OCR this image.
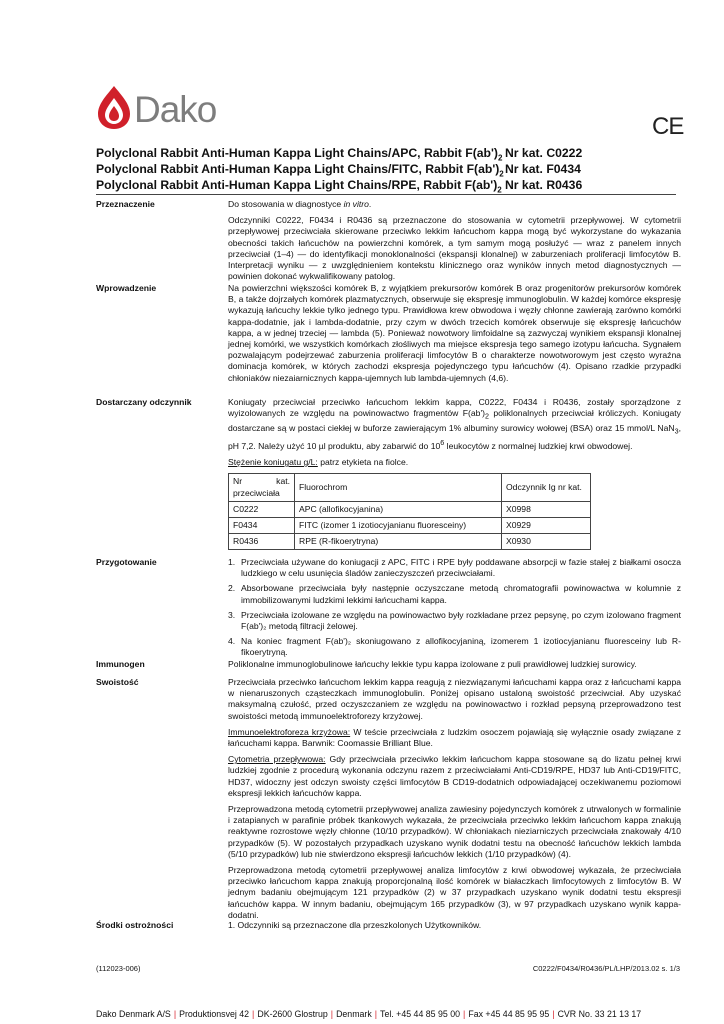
Dako	CE
Polyclonal Rabbit Anti-Human Kappa Light Chains/APC, Rabbit $F(ab')_2$ Nr kat. C0222
Polyclonal Rabbit Anti-Human Kappa Light Chains/FITC, Rabbit $F(ab')_2$ Nr kat. F0434
Polyclonal Rabbit Anti-Human Kappa Light Chains/RPE, Rabbit $F(ab')_2$ Nr kat. R0436
Przeznaczenie	Do stosowania w diagnostyce in vitro.

Odczynniki C0222, F0434 i R0436 są przeznaczone do stosowania w cytometrii przepływowej. W cytometrii przepływowej przeciwciała skierowane przeciwko lekkim łańcuchom kappa mogą być wykorzystane do wykazania obecności takich łańcuchów na powierzchni komórek, a tym samym mogą posłużyć — wraz z panelem innych przeciwciał (1–4) — do identyfikacji monoklonalności (ekspansji klonalnej) w zaburzeniach proliferacji limfocytów B. Interpretacji wyniku — z uwzględnieniem kontekstu klinicznego oraz wyników innych metod diagnostycznych — powinien dokonać wykwalifikowany patolog.

Wprowadzenie	Na powierzchni większości komórek B, z wyjątkiem prekursorów komórek B oraz progenitorów prekursorów komórek B, a także dojrzałych komórek plazmatycznych, obserwuje się ekspresję immunoglobulin. W każdej komórce ekspresję wykazują łańcuchy lekkie tylko jednego typu. Prawidłowa krew obwodowa i węzły chłonne zawierają zarówno komórki kappa-dodatnie, jak i lambda-dodatnie, przy czym w dwóch trzecich komórek obserwuje się ekspresję łańcuchów kappa, a w jednej trzeciej — lambda (5). Ponieważ nowotwory limfoidalne są zazwyczaj wynikiem ekspansji klonalnej jednej komórki, we wszystkich komórkach złośliwych ma miejsce ekspresja tego samego izotypu łańcucha. Sygnałem pozwalającym podejrzewać zaburzenia proliferacji limfocytów B o charakterze nowotworowym jest często wyraźna dominacja komórek, w których zachodzi ekspresja pojedynczego typu łańcuchów (4). Opisano rzadkie przypadki chłoniaków niezaiarnicznych kappa-ujemnych lub lambda-ujemnych (4,6).

Dostarczany odczynnik	Koniugaty przeciwciał przeciwko łańcuchom lekkim kappa, C0222, F0434 i R0436, zostały sporządzone z wyizolowanych ze względu na powinowactwo fragmentów $F(ab')_2$ poliklonalnych przeciwciał króliczych. Koniugaty dostarczane są w postaci ciekłej w buforze zawierającym 1% albuminy surowicy wołowej (BSA) oraz 15 mmol/L NaN$_3$, pH 7,2. Należy użyć 10 µl produktu, aby zabarwić do $10^6$ leukocytów z normalnej ludzkiej krwi obwodowej.

Stężenie koniugatu g/L: patrz etykieta na fiolce.

Nr kat. przeciwciała	Fluorochrom	Odczynnik Ig nr kat.
C0222	APC (allofikocyjanina)	X0998
F0434	FITC (izomer 1 izotiocyjanianu fluoresceiny)	X0929
R0436	RPE (R-fikoerytryna)	X0930
Przygotowanie	1. Przeciwciała używane do koniugacji z APC, FITC i RPE były poddawane absorpcji w fazie stałej z białkami osocza ludzkiego w celu usunięcia śladów zanieczyszczeń przeciwciałami.
2. Absorbowane przeciwciała były następnie oczyszczane metodą chromatografii powinowactwa w kolumnie z immobilizowanymi ludzkimi lekkimi łańcuchami kappa.
3. Przeciwciała izolowane ze względu na powinowactwo były rozkładane przez pepsynę, po czym izolowano fragment F(ab')₂ metodą filtracji żelowej.
4. Na koniec fragment F(ab')₂ skoniugowano z allofikocyjaniną, izomerem 1 izotiocyjanianu fluoresceiny lub R-fikoerytryną.
Immunogen	Poliklonalne immunoglobulinowe łańcuchy lekkie typu kappa izolowane z puli prawidłowej ludzkiej surowicy.

Swoistość	Przeciwciała przeciwko łańcuchom lekkim kappa reagują z niezwiązanymi łańcuchami kappa oraz z łańcuchami kappa w nienaruszonych cząsteczkach immunoglobulin. Poniżej opisano ustaloną swoistość przeciwciał. Aby uzyskać maksymalną czułość, przed oczyszczaniem ze względu na powinowactwo i rozkład pepsyną przeprowadzono test swoistości metodą immunoelektroforezy krzyżowej.

Immunoelektroforeza krzyżowa: W teście przeciwciała z ludzkim osoczem pojawiają się wyłącznie osady związane z łańcuchami kappa. Barwnik: Coomassie Brilliant Blue.

Cytometria przepływowa: Gdy przeciwciała przeciwko lekkim łańcuchom kappa stosowane są do lizatu pełnej krwi ludzkiej zgodnie z procedurą wykonania odczynu razem z przeciwciałami Anti-CD19/RPE, HD37 lub Anti-CD19/FITC, HD37, widoczny jest odczyn swoisty części limfocytów B CD19-dodatnich odpowiadającej oczekiwanemu poziomowi ekspresji lekkich łańcuchów kappa.

Przeprowadzona metodą cytometrii przepływowej analiza zawiesiny pojedynczych komórek z utrwalonych w formalinie i zatapianych w parafinie próbek tkankowych wykazała, że przeciwciała przeciwko lekkim łańcuchom kappa znakują reaktywne rozrostowe węzły chłonne (10/10 przypadków). W chłoniakach nieziarniczych przeciwciała znakowały 4/10 przypadków (5). W pozostałych przypadkach uzyskano wynik dodatni testu na obecność łańcuchów lekkich lambda (5/10 przypadków) lub nie stwierdzono ekspresji łańcuchów lekkich (1/10 przypadków) (4).

Przeprowadzona metodą cytometrii przepływowej analiza limfocytów z krwi obwodowej wykazała, że przeciwciała przeciwko łańcuchom kappa znakują proporcjonalną ilość komórek w białaczkach limfocytowych z limfocytów B. W jednym badaniu obejmującym 121 przypadków (2) w 37 przypadkach uzyskano wynik dodatni testu ekspresji łańcuchów kappa. W innym badaniu, obejmującym 165 przypadków (3), w 97 przypadkach uzyskano wynik kappa-dodatni.

Środki ostrożności	1. Odczynniki są przeznaczone dla przeszkolonych Użytkowników.

(112023-006)	C0222/F0434/R0436/PL/LHP/2013.02 s. 1/3
Dako Denmark A/S | Produktionsvej 42 | DK-2600 Glostrup | Denmark | Tel. +45 44 85 95 00 | Fax +45 44 85 95 95 | CVR No. 33 21 13 17
